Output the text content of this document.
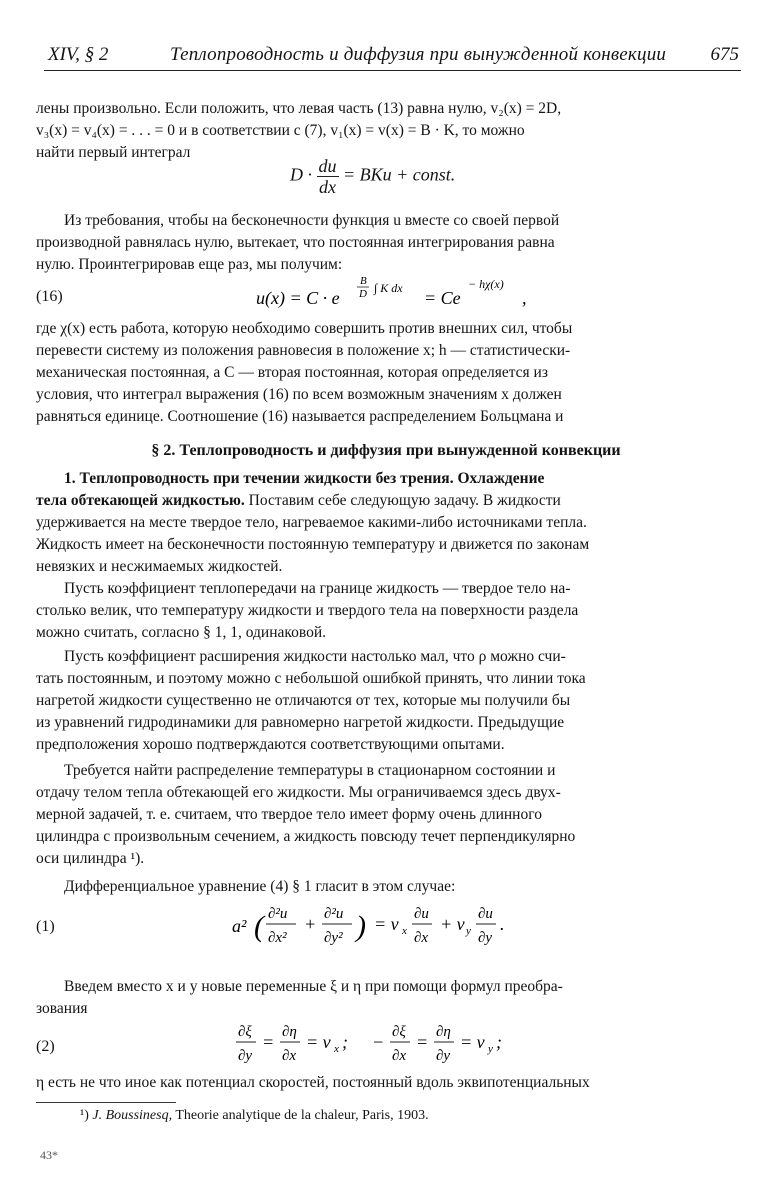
XIV, § 2	Теплопроводность и диффузия при вынужденной конвекции 675
лены произвольно. Если положить, что левая часть (13) равна нулю, v₂(x) = 2D,
v₃(x) = v₄(x) = . . . = 0 и в соответствии с (7), v₁(x) = v(x) = B · K, то можно
найти первый интеграл
$D \cdot \frac{du}{dx}$ = BKu + const.
Из требования, чтобы на бесконечности функция u вместе со своей первой
производной равнялась нулю, вытекает, что постоянная интегрирования равна
нулю. Проинтегрировав еще раз, мы получим:
(16)	u(x) = C · e
B
D ∫ K dx = Ce
− hχ(x)
,
где χ(x) есть работа, которую необходимо совершить против внешних сил, чтобы
перевести систему из положения равновесия в положение x; h — статистически-
механическая постоянная, а C — вторая постоянная, которая определяется из
условия, что интеграл выражения (16) по всем возможным значениям x должен
равняться единице. Соотношение (16) называется распределением Больцмана и
§ 2. Теплопроводность и диффузия при вынужденной конвекции
1. Теплопроводность при течении жидкости без трения. Охлаждение
тела обтекающей жидкостью. Поставим себе следующую задачу. В жидкости
удерживается на месте твердое тело, нагреваемое какими-либо источниками тепла.
Жидкость имеет на бесконечности постоянную температуру и движется по законам
невязких и несжимаемых жидкостей.
Пусть коэффициент теплопередачи на границе жидкость — твердое тело на-
столько велик, что температуру жидкости и твердого тела на поверхности раздела
можно считать, согласно § 1, 1, одинаковой.
Пусть коэффициент расширения жидкости настолько мал, что ρ можно счи-
тать постоянным, и поэтому можно с небольшой ошибкой принять, что линии тока
нагретой жидкости существенно не отличаются от тех, которые мы получили бы
из уравнений гидродинамики для равномерно нагретой жидкости. Предыдущие
предположения хорошо подтверждаются соответствующими опытами.
Требуется найти распределение температуры в стационарном состоянии и
отдачу телом тепла обтекающей его жидкости. Мы ограничиваемся здесь двух-
мерной задачей, т. е. считаем, что твердое тело имеет форму очень длинного
цилиндра с произвольным сечением, а жидкость повсюду течет перпендикулярно
оси цилиндра ¹).
Дифференциальное уравнение (4) § 1 гласит в этом случае:
(1)	a² ( ∂²u
∂x²
+ ∂²u
∂y² ) = v x
∂u
∂x
+ v y
∂u
∂y
.
Введем вместо x и y новые переменные ξ и η при помощи формул преобра-
зования
(2)
∂ξ
∂y
= ∂η
∂x
= v x ; − ∂ξ
∂x
= ∂η
∂y
= v y ;
η есть не что иное как потенциал скоростей, постоянный вдоль эквипотенциальных
¹) J. Boussinesq, Theorie analytique de la chaleur, Paris, 1903.
43*
